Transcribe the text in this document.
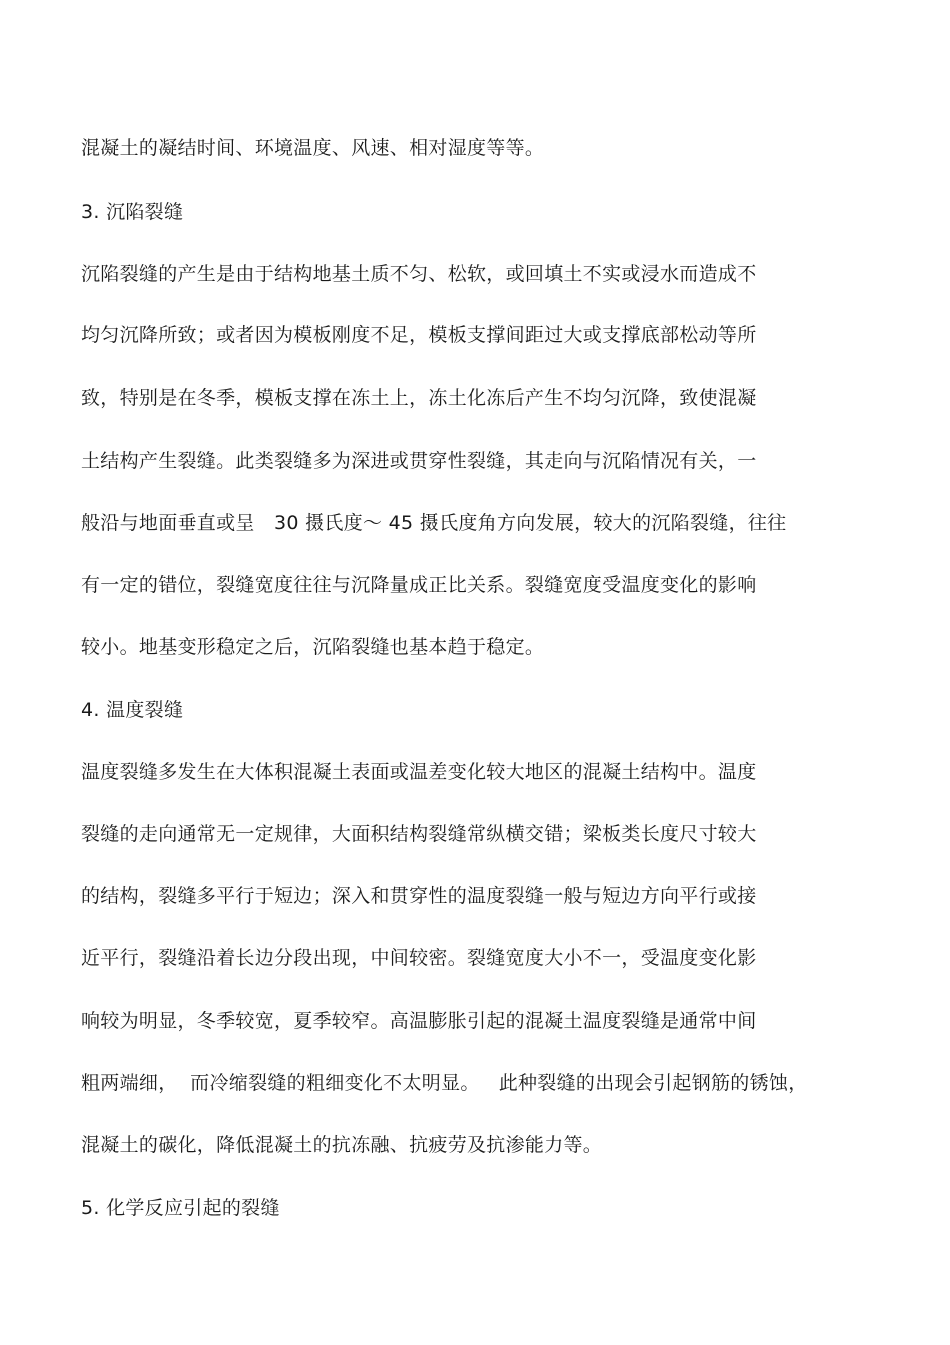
混凝土的凝结时间、环境温度、风速、相对湿度等等。
3. 沉陷裂缝
沉陷裂缝的产生是由于结构地基土质不匀、松软，或回填土不实或浸水而造成不
均匀沉降所致；或者因为模板刚度不足，模板支撑间距过大或支撑底部松动等所
致，特别是在冬季，模板支撑在冻土上，冻土化冻后产生不均匀沉降，致使混凝
土结构产生裂缝。此类裂缝多为深进或贯穿性裂缝，其走向与沉陷情况有关，一
般沿与地面垂直或呈　30 摄氏度～ 45 摄氏度角方向发展，较大的沉陷裂缝，往往
有一定的错位，裂缝宽度往往与沉降量成正比关系。裂缝宽度受温度变化的影响
较小。地基变形稳定之后，沉陷裂缝也基本趋于稳定。
4. 温度裂缝
温度裂缝多发生在大体积混凝土表面或温差变化较大地区的混凝土结构中。温度
裂缝的走向通常无一定规律，大面积结构裂缝常纵横交错；梁板类长度尺寸较大
的结构，裂缝多平行于短边；深入和贯穿性的温度裂缝一般与短边方向平行或接
近平行，裂缝沿着长边分段出现，中间较密。裂缝宽度大小不一，受温度变化影
响较为明显，冬季较宽，夏季较窄。高温膨胀引起的混凝土温度裂缝是通常中间
粗两端细，  而冷缩裂缝的粗细变化不太明显。   此种裂缝的出现会引起钢筋的锈蚀，
混凝土的碳化，降低混凝土的抗冻融、抗疲劳及抗渗能力等。
5. 化学反应引起的裂缝
